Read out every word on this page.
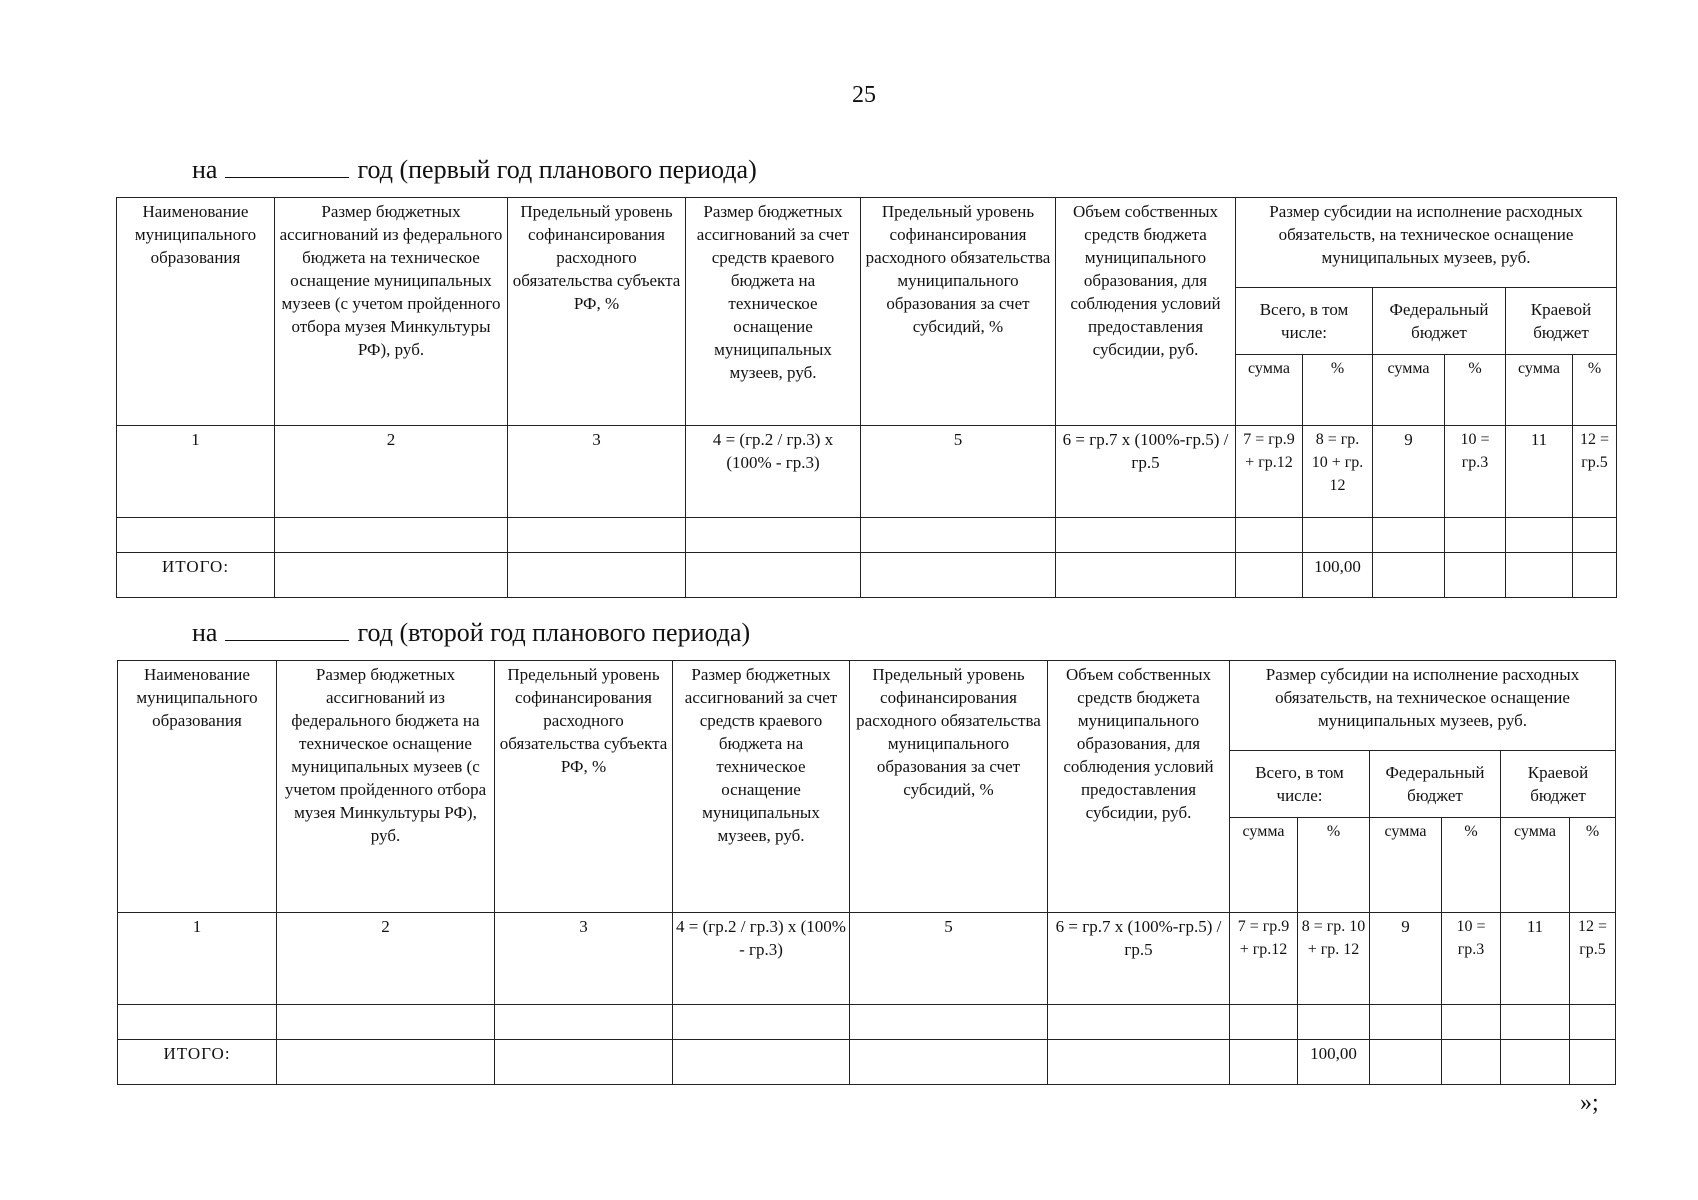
25
на	год (первый год планового периода)
Наименование муниципального образования	Размер бюджетных ассигнований из федерального бюджета на техническое оснащение муниципальных музеев (с учетом пройденного отбора музея Минкультуры РФ), руб.	Предельный уровень софинансирования расходного обязательства субъекта РФ, %	Размер бюджетных ассигнований за счет средств краевого бюджета на техническое оснащение муниципальных музеев, руб.	Предельный уровень софинансирования расходного обязательства муниципального образования за счет субсидий, %	Объем собственных средств бюджета муниципального образования, для соблюдения условий предоставления субсидии, руб.	Размер субсидии на исполнение расходных обязательств, на техническое оснащение муниципальных музеев, руб.					
						Всего, в том числе:		Федеральный бюджет		Краевой бюджет	
						сумма	%	сумма	%	сумма	%
1	2	3	4 = (гр.2 / гр.3) x (100% - гр.3)	5	6 = гр.7 x (100%-гр.5) / гр.5	7 = гр.9 + гр.12	8 = гр. 10 + гр. 12	9	10 = гр.3	11	12 = гр.5

ИТОГО:							100,00				
на	год (второй год планового периода)
Наименование муниципального образования	Размер бюджетных ассигнований из федерального бюджета на техническое оснащение муниципальных музеев (с учетом пройденного отбора музея Минкультуры РФ), руб.	Предельный уровень софинансирования расходного обязательства субъекта РФ, %	Размер бюджетных ассигнований за счет средств краевого бюджета на техническое оснащение муниципальных музеев, руб.	Предельный уровень софинансирования расходного обязательства муниципального образования за счет субсидий, %	Объем собственных средств бюджета муниципального образования, для соблюдения условий предоставления субсидии, руб.	Размер субсидии на исполнение расходных обязательств, на техническое оснащение муниципальных музеев, руб.					
						Всего, в том числе:		Федеральный бюджет		Краевой бюджет	
						сумма	%	сумма	%	сумма	%
1	2	3	4 = (гр.2 / гр.3) x (100% - гр.3)	5	6 = гр.7 x (100%-гр.5) / гр.5	7 = гр.9 + гр.12	8 = гр. 10 + гр. 12	9	10 = гр.3	11	12 = гр.5

ИТОГО:							100,00				
»;
